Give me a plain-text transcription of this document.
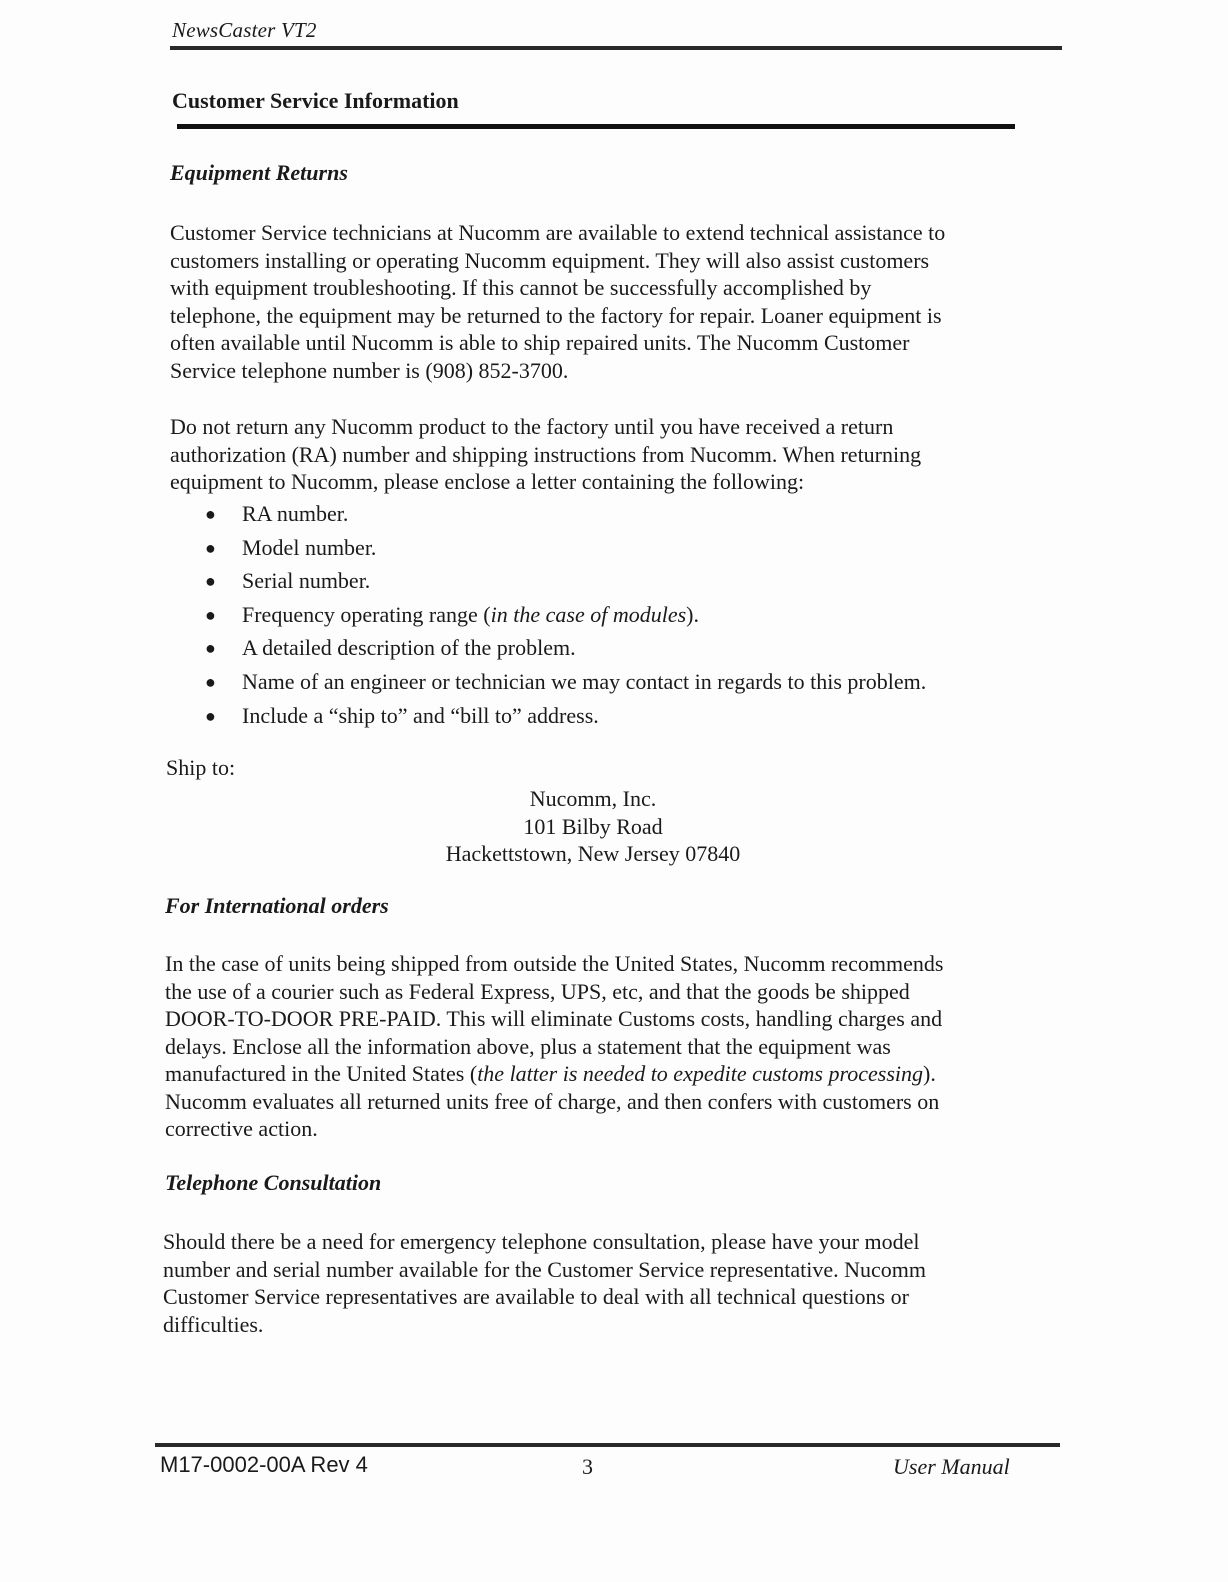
NewsCaster VT2
Customer Service Information
Equipment Returns
Customer Service technicians at Nucomm are available to extend technical assistance to
customers installing or operating Nucomm equipment. They will also assist customers
with equipment troubleshooting. If this cannot be successfully accomplished by
telephone, the equipment may be returned to the factory for repair. Loaner equipment is
often available until Nucomm is able to ship repaired units. The Nucomm Customer
Service telephone number is (908) 852-3700.
Do not return any Nucomm product to the factory until you have received a return
authorization (RA) number and shipping instructions from Nucomm. When returning
equipment to Nucomm, please enclose a letter containing the following:
● RA number.
● Model number.
● Serial number.
● Frequency operating range (in the case of modules).
● A detailed description of the problem.
● Name of an engineer or technician we may contact in regards to this problem.
● Include a “ship to” and “bill to” address.
Ship to:
Nucomm, Inc.
101 Bilby Road
Hackettstown, New Jersey 07840
For International orders
In the case of units being shipped from outside the United States, Nucomm recommends
the use of a courier such as Federal Express, UPS, etc, and that the goods be shipped
DOOR-TO-DOOR PRE-PAID. This will eliminate Customs costs, handling charges and
delays. Enclose all the information above, plus a statement that the equipment was
manufactured in the United States (the latter is needed to expedite customs processing).
Nucomm evaluates all returned units free of charge, and then confers with customers on
corrective action.
Telephone Consultation
Should there be a need for emergency telephone consultation, please have your model
number and serial number available for the Customer Service representative. Nucomm
Customer Service representatives are available to deal with all technical questions or
difficulties.
M17-0002-00A Rev 4	3	User Manual
